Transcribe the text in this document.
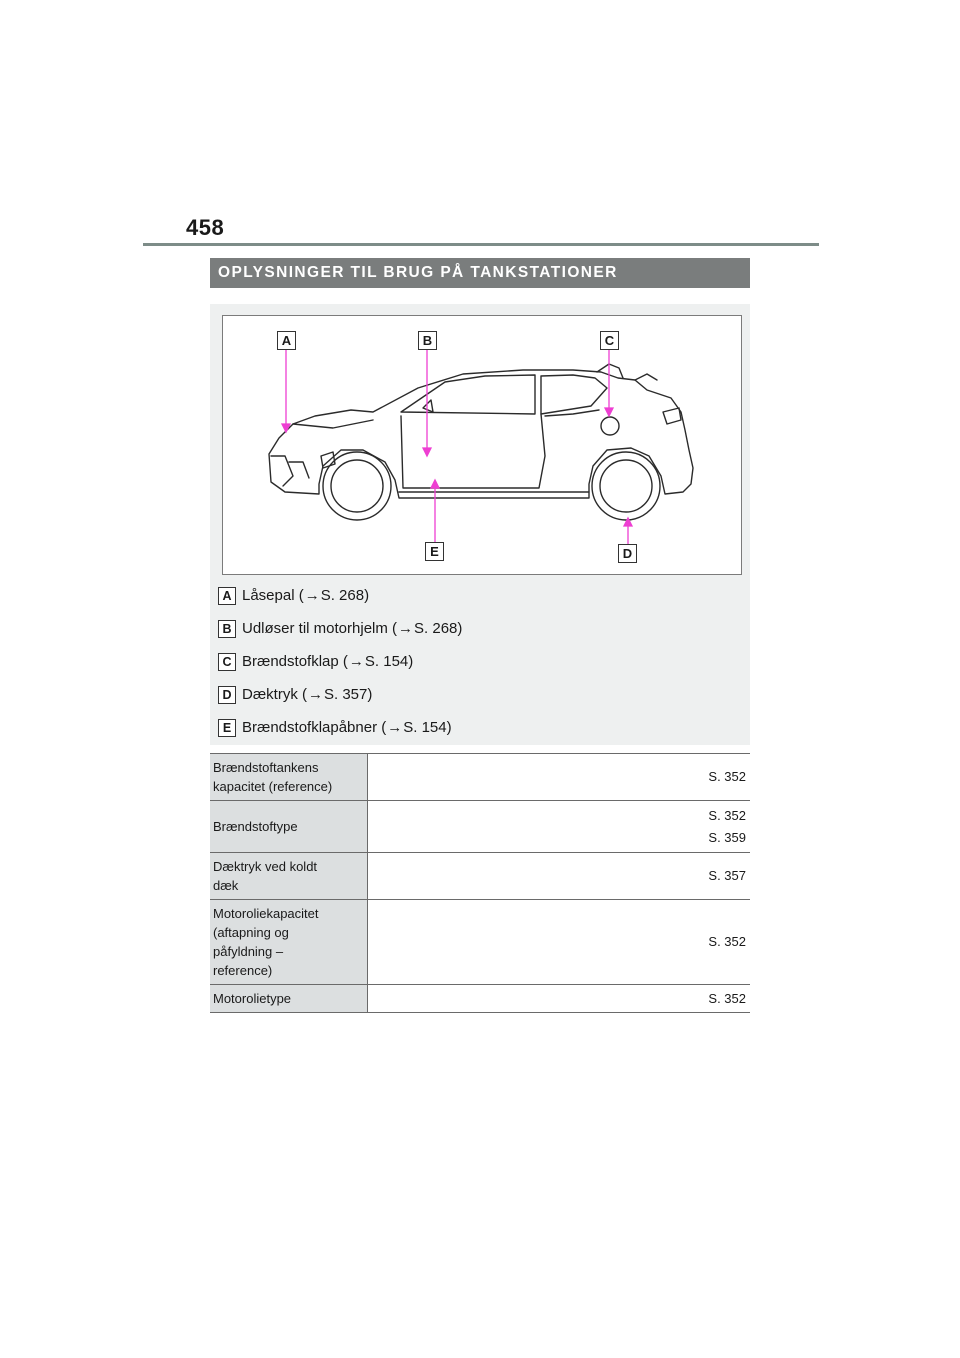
458
OPLYSNINGER TIL BRUG PÅ TANKSTATIONER
A	B	C
D
E
A Låsepal ( → S. 268)
B Udløser til motorhjelm ( → S. 268)
C Brændstofklap ( → S. 154)
D Dæktryk ( → S. 357)
E Brændstofklapåbner ( → S. 154)
Brændstoftankens
kapacitet (reference)	S. 352

Brændstoftype	S. 352
S. 359

Dæktryk ved koldt
dæk	S. 357

Motoroliekapacitet
(aftapning og
påfyldning –
reference)	S. 352

Motorolietype	S. 352
